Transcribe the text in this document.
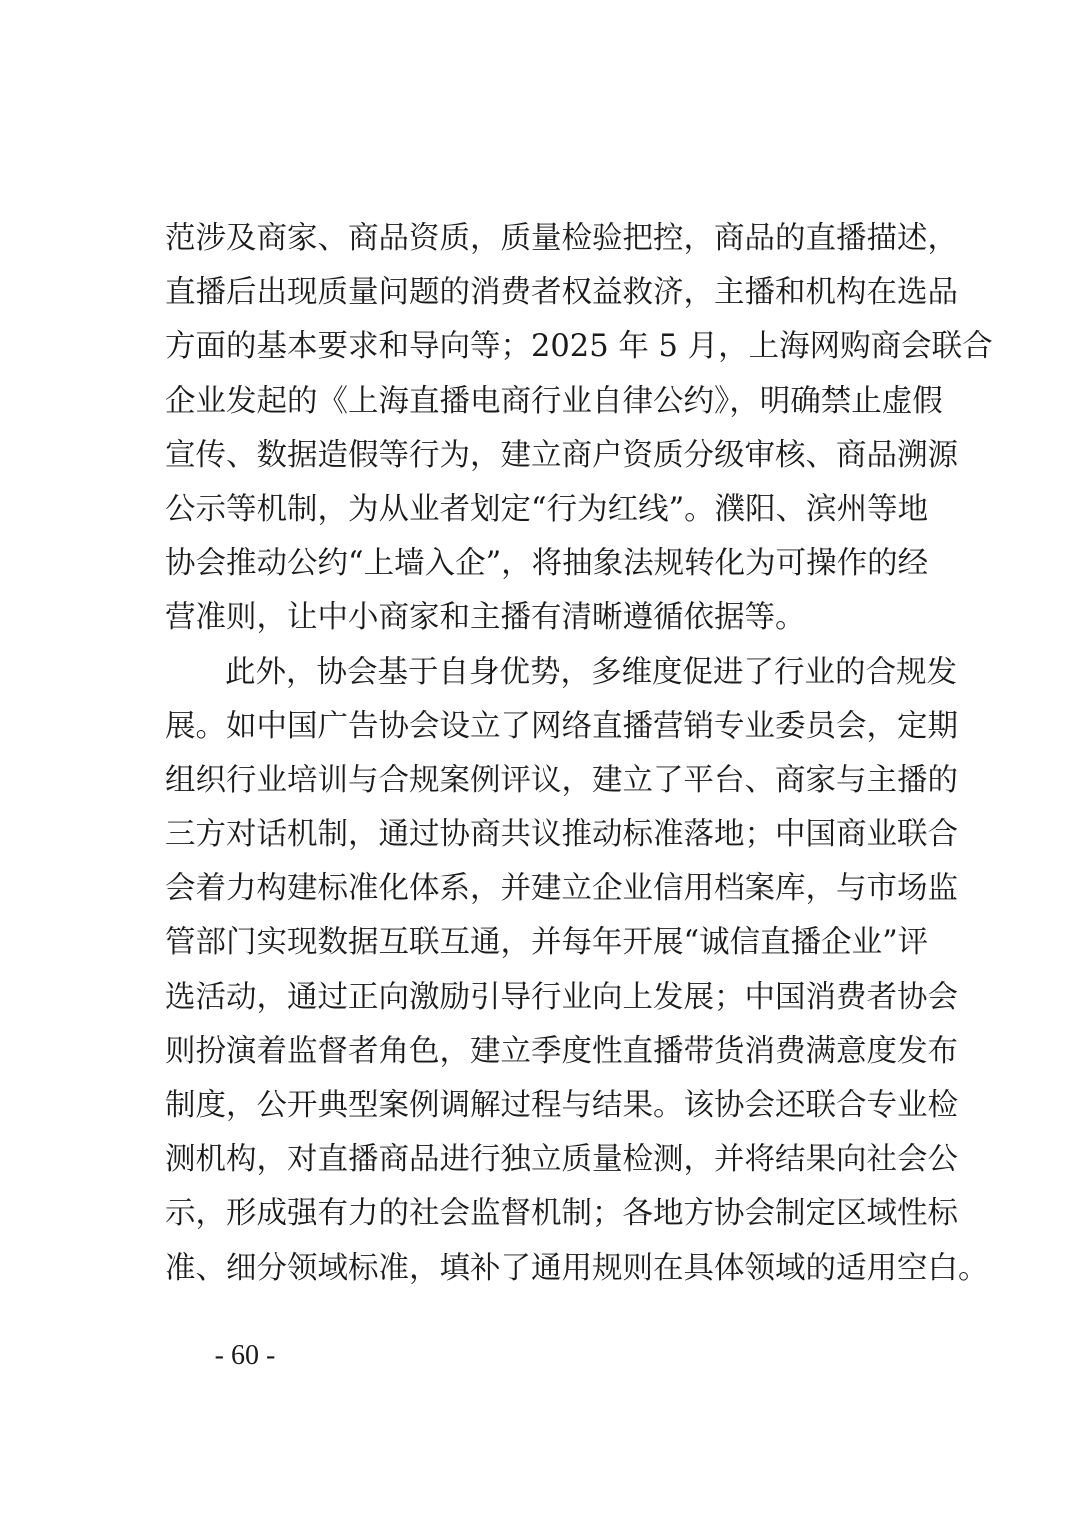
范涉及商家、商品资质，质量检验把控，商品的直播描述，
直播后出现质量问题的消费者权益救济，主播和机构在选品
方面的基本要求和导向等；2025 年 5 月，上海网购商会联合
企业发起的《上海直播电商行业自律公约》，明确禁止虚假
宣传、数据造假等行为，建立商户资质分级审核、商品溯源
公示等机制，为从业者划定“行为红线”。濮阳、滨州等地
协会推动公约“上墙入企”，将抽象法规转化为可操作的经
营准则，让中小商家和主播有清晰遵循依据等。
此外，协会基于自身优势，多维度促进了行业的合规发
展。如中国广告协会设立了网络直播营销专业委员会，定期
组织行业培训与合规案例评议，建立了平台、商家与主播的
三方对话机制，通过协商共议推动标准落地；中国商业联合
会着力构建标准化体系，并建立企业信用档案库，与市场监
管部门实现数据互联互通，并每年开展“诚信直播企业”评
选活动，通过正向激励引导行业向上发展；中国消费者协会
则扮演着监督者角色，建立季度性直播带货消费满意度发布
制度，公开典型案例调解过程与结果。该协会还联合专业检
测机构，对直播商品进行独立质量检测，并将结果向社会公
示，形成强有力的社会监督机制；各地方协会制定区域性标
准、细分领域标准，填补了通用规则在具体领域的适用空白。
- 60 -
